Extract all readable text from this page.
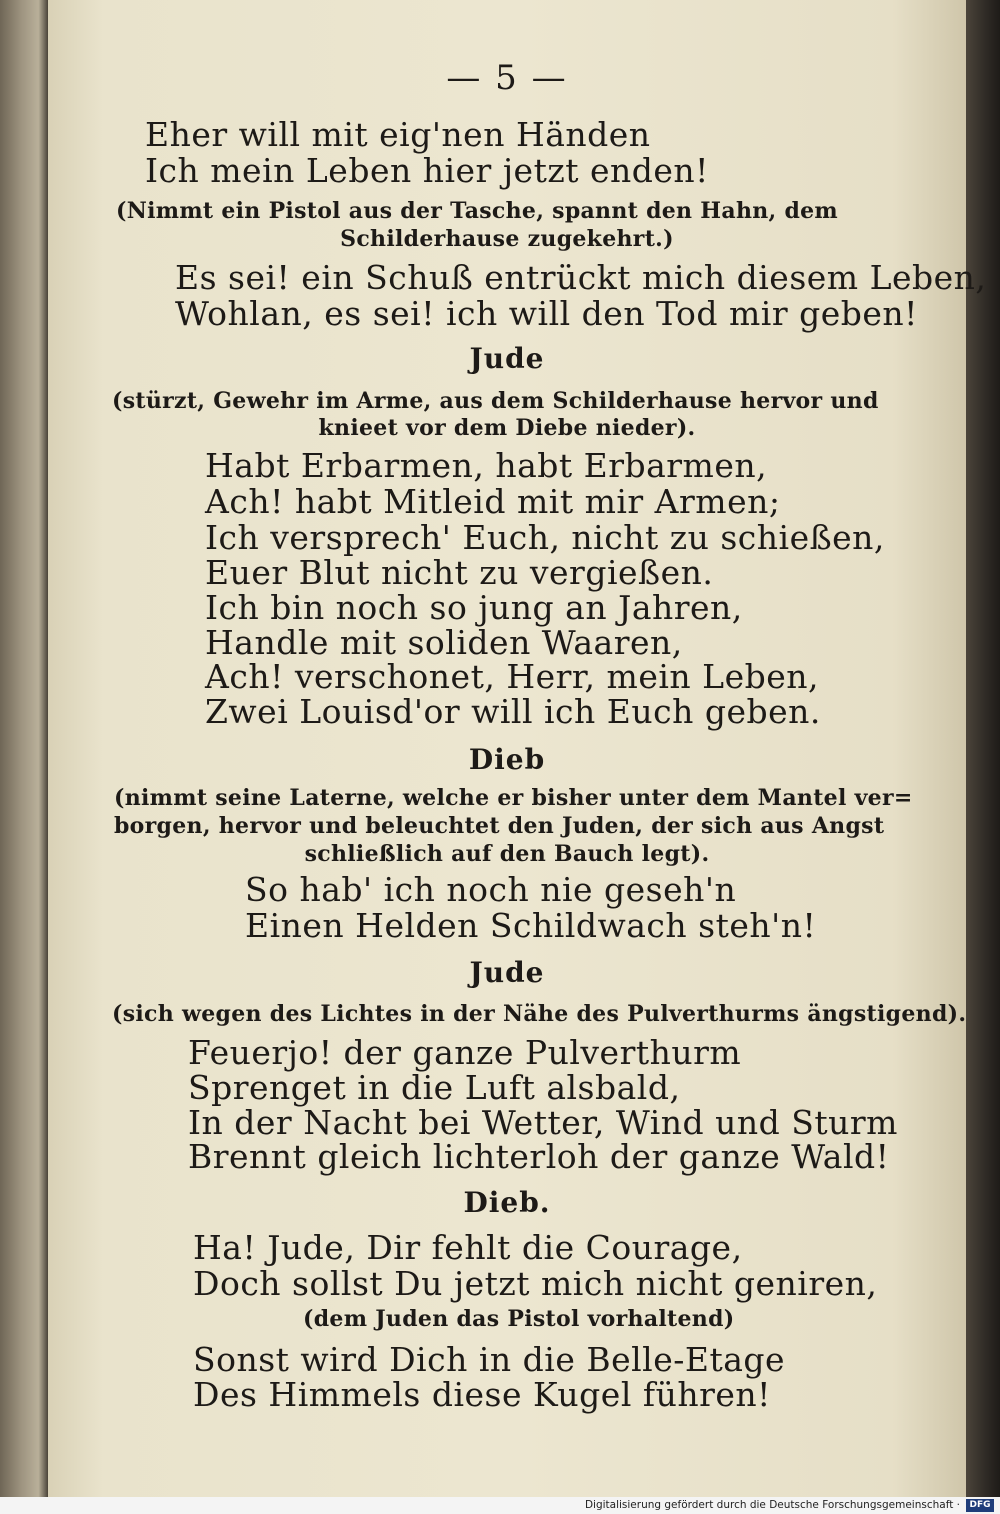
— 5 —

Eher will mit eig'nen Händen

Ich mein Leben hier jetzt enden!

(Nimmt ein Pistol aus der Tasche, spannt den Hahn, dem

Schilderhause zugekehrt.)

Es sei! ein Schuß entrückt mich diesem Leben,

Wohlan, es sei! ich will den Tod mir geben!

Jude

(stürzt, Gewehr im Arme, aus dem Schilderhause hervor und

knieet vor dem Diebe nieder).

Habt Erbarmen, habt Erbarmen,

Ach! habt Mitleid mit mir Armen;

Ich versprech' Euch, nicht zu schießen,

Euer Blut nicht zu vergießen.

Ich bin noch so jung an Jahren,

Handle mit soliden Waaren,

Ach! verschonet, Herr, mein Leben,

Zwei Louisd'or will ich Euch geben.

Dieb

(nimmt seine Laterne, welche er bisher unter dem Mantel ver=

borgen, hervor und beleuchtet den Juden, der sich aus Angst

schließlich auf den Bauch legt).

So hab' ich noch nie geseh'n

Einen Helden Schildwach steh'n!

Jude

(sich wegen des Lichtes in der Nähe des Pulverthurms ängstigend).

Feuerjo! der ganze Pulverthurm

Sprenget in die Luft alsbald,

In der Nacht bei Wetter, Wind und Sturm

Brennt gleich lichterloh der ganze Wald!

Dieb.

Ha! Jude, Dir fehlt die Courage,

Doch sollst Du jetzt mich nicht geniren,

(dem Juden das Pistol vorhaltend)

Sonst wird Dich in die Belle-Etage

Des Himmels diese Kugel führen!

Digitalisierung gefördert durch die Deutsche Forschungsgemeinschaft ·	DFG
